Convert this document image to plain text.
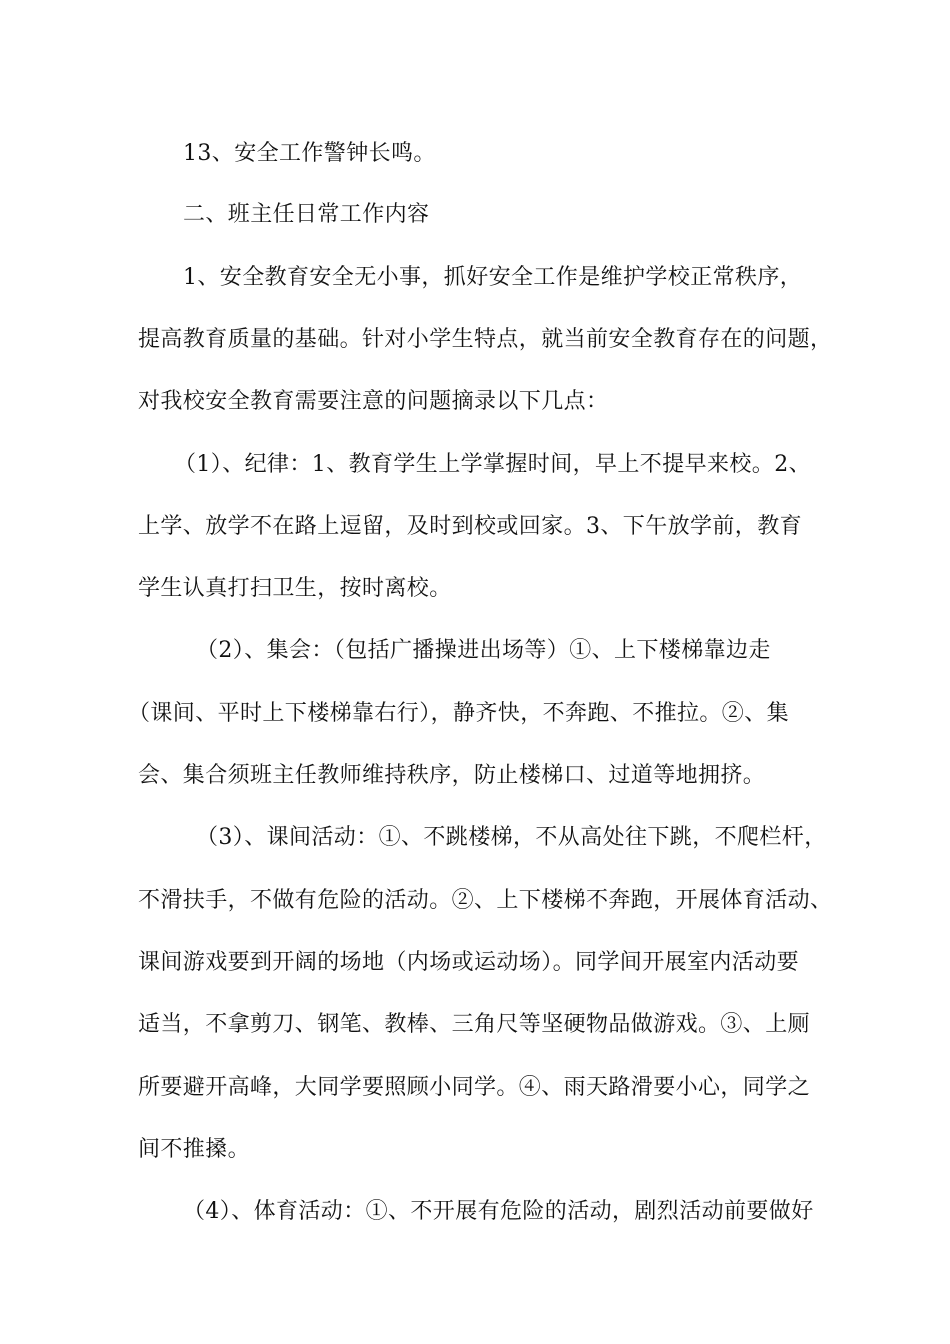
13、安全工作警钟长鸣。
二、班主任日常工作内容
1、安全教育安全无小事，抓好安全工作是维护学校正常秩序，
提高教育质量的基础。针对小学生特点，就当前安全教育存在的问题，
对我校安全教育需要注意的问题摘录以下几点：
（1）、纪律：1、教育学生上学掌握时间，早上不提早来校。2、
上学、放学不在路上逗留，及时到校或回家。3、下午放学前，教育
学生认真打扫卫生，按时离校。
（2）、集会：（包括广播操进出场等）①、上下楼梯靠边走
（课间、平时上下楼梯靠右行），静齐快，不奔跑、不推拉。②、集
会、集合须班主任教师维持秩序，防止楼梯口、过道等地拥挤。
（3）、课间活动：①、不跳楼梯，不从高处往下跳，不爬栏杆，
不滑扶手，不做有危险的活动。②、上下楼梯不奔跑，开展体育活动、
课间游戏要到开阔的场地（内场或运动场）。同学间开展室内活动要
适当，不拿剪刀、钢笔、教棒、三角尺等坚硬物品做游戏。③、上厕
所要避开高峰，大同学要照顾小同学。④、雨天路滑要小心，同学之
间不推搡。
（4）、体育活动：①、不开展有危险的活动，剧烈活动前要做好
